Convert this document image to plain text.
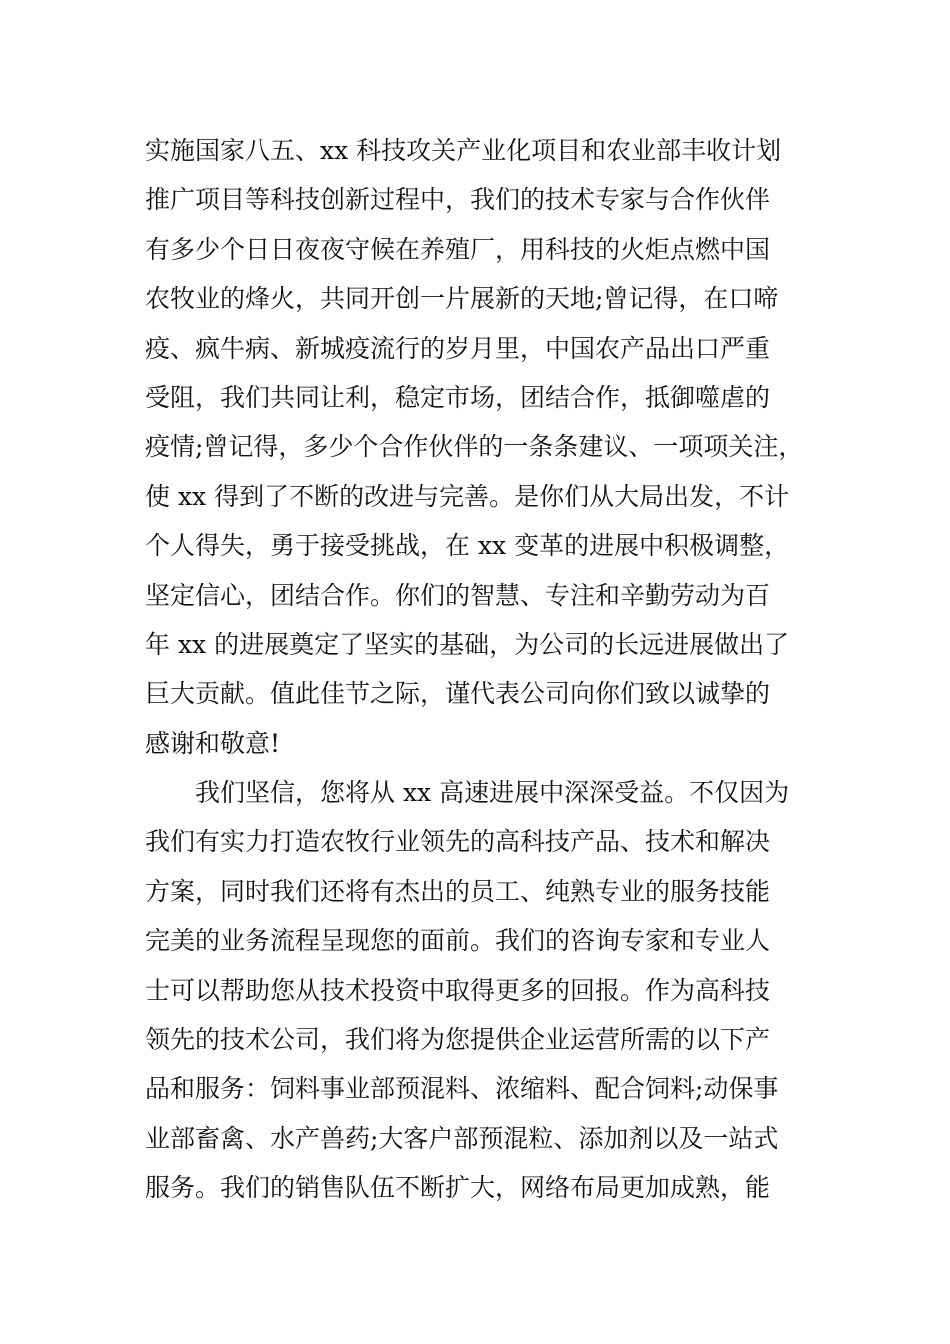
实施国家八五、xx 科技攻关产业化项目和农业部丰收计划
推广项目等科技创新过程中，我们的技术专家与合作伙伴
有多少个日日夜夜守候在养殖厂，用科技的火炬点燃中国
农牧业的烽火，共同开创一片展新的天地;曾记得，在口啼
疫、疯牛病、新城疫流行的岁月里，中国农产品出口严重
受阻，我们共同让利，稳定市场，团结合作，抵御噬虐的
疫情;曾记得，多少个合作伙伴的一条条建议、一项项关注，
使 xx 得到了不断的改进与完善。是你们从大局出发，不计
个人得失，勇于接受挑战，在 xx 变革的进展中积极调整，
坚定信心，团结合作。你们的智慧、专注和辛勤劳动为百
年 xx 的进展奠定了坚实的基础，为公司的长远进展做出了
巨大贡献。值此佳节之际，谨代表公司向你们致以诚挚的
感谢和敬意!
我们坚信，您将从 xx 高速进展中深深受益。不仅因为
我们有实力打造农牧行业领先的高科技产品、技术和解决
方案，同时我们还将有杰出的员工、纯熟专业的服务技能
完美的业务流程呈现您的面前。我们的咨询专家和专业人
士可以帮助您从技术投资中取得更多的回报。作为高科技
领先的技术公司，我们将为您提供企业运营所需的以下产
品和服务：饲料事业部预混料、浓缩料、配合饲料;动保事
业部畜禽、水产兽药;大客户部预混粒、添加剂以及一站式
服务。我们的销售队伍不断扩大，网络布局更加成熟，能
